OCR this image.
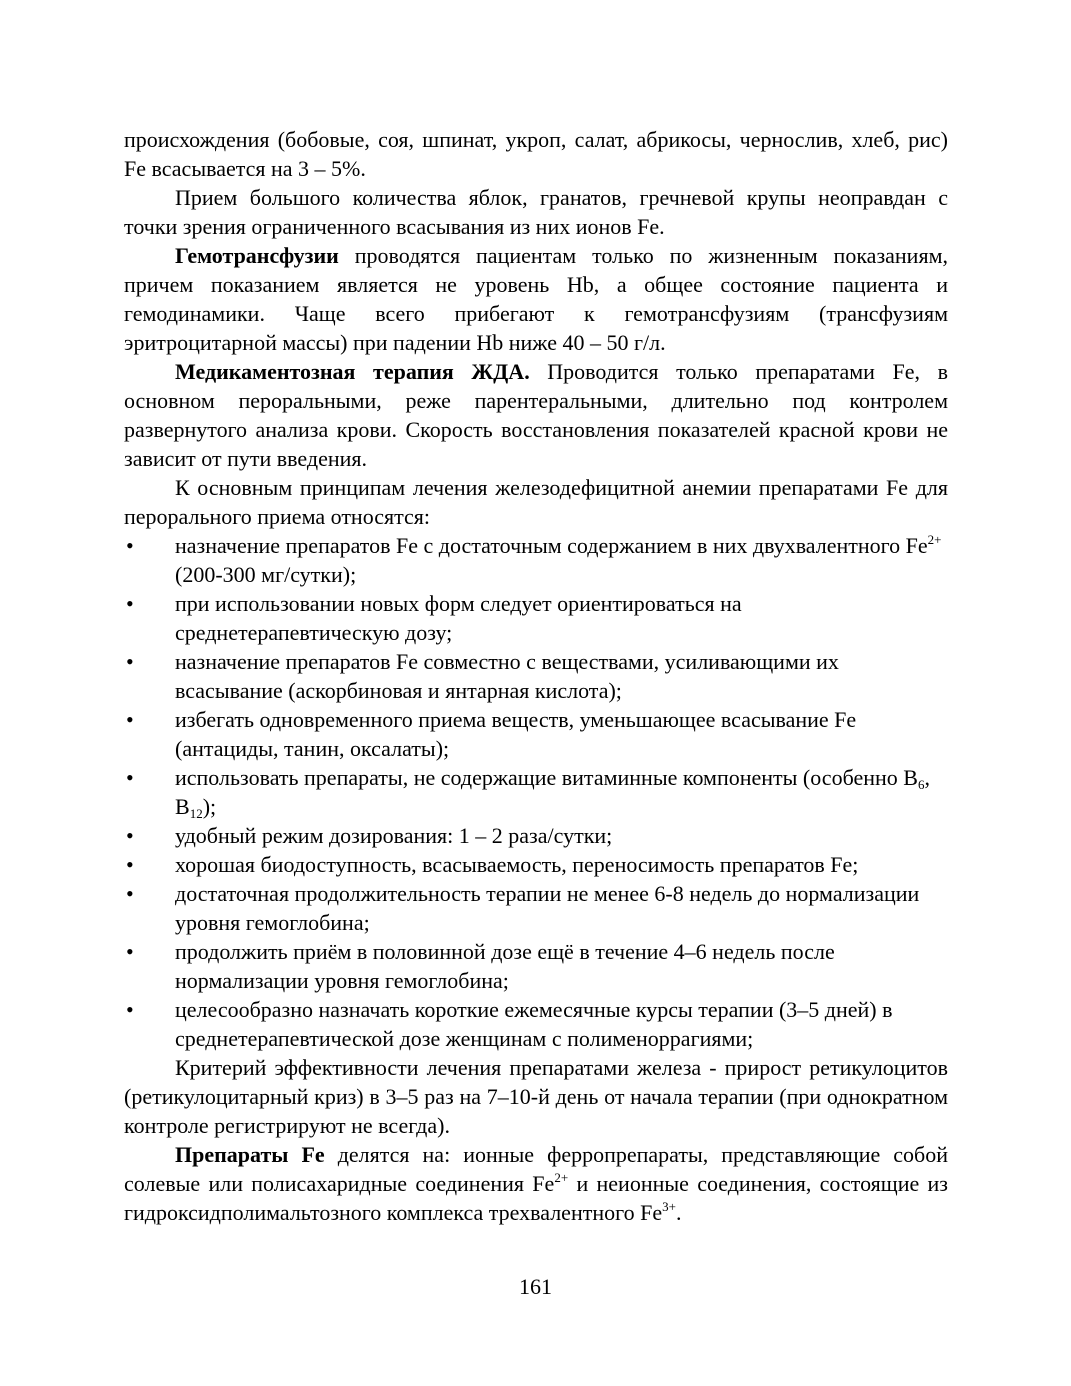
происхождения (бобовые, соя, шпинат, укроп, салат, абрикосы, чернослив, хлеб, рис) Fe всасывается на 3 – 5%.

Прием большого количества яблок, гранатов, гречневой крупы неоправдан с точки зрения ограниченного всасывания из них ионов Fe.

Гемотрансфузии проводятся пациентам только по жизненным показаниям, причем показанием является не уровень Hb, а общее состояние пациента и гемодинамики. Чаще всего прибегают к гемотрансфузиям (трансфузиям эритроцитарной массы) при падении Hb ниже 40 – 50 г/л.

Медикаментозная терапия ЖДА. Проводится только препаратами Fe, в основном пероральными, реже парентеральными, длительно под контролем развернутого анализа крови. Скорость восстановления показателей красной крови не зависит от пути введения.

К основным принципам лечения железодефицитной анемии препаратами Fe для перорального приема относятся:

• назначение препаратов Fe с достаточным содержанием в них двухвалентного $Fe^{2+}$ (200-300 мг/сутки);
• при использовании новых форм следует ориентироваться на среднетерапевтическую дозу;
• назначение препаратов Fe совместно с веществами, усиливающими их всасывание (аскорбиновая и янтарная кислота);
• избегать одновременного приема веществ, уменьшающее всасывание Fe (антациды, танин, оксалаты);
• использовать препараты, не содержащие витаминные компоненты (особенно $B_6$, $B_{12}$);
• удобный режим дозирования: 1 – 2 раза/сутки;
• хорошая биодоступность, всасываемость, переносимость препаратов Fe;
• достаточная продолжительность терапии не менее 6-8 недель до нормализации уровня гемоглобина;
• продолжить приём в половинной дозе ещё в течение 4–6 недель после нормализации уровня гемоглобина;
• целесообразно назначать короткие ежемесячные курсы терапии (3–5 дней) в среднетерапевтической дозе женщинам с полименоррагиями;

Критерий эффективности лечения препаратами железа - прирост ретикулоцитов (ретикулоцитарный криз) в 3–5 раз на 7–10-й день от начала терапии (при однократном контроле регистрируют не всегда).

Препараты Fe делятся на: ионные ферропрепараты, представляющие собой солевые или полисахаридные соединения $Fe^{2+}$ и неионные соединения, состоящие из гидроксидполимальтозного комплекса трехвалентного $Fe^{3+}$.

161
